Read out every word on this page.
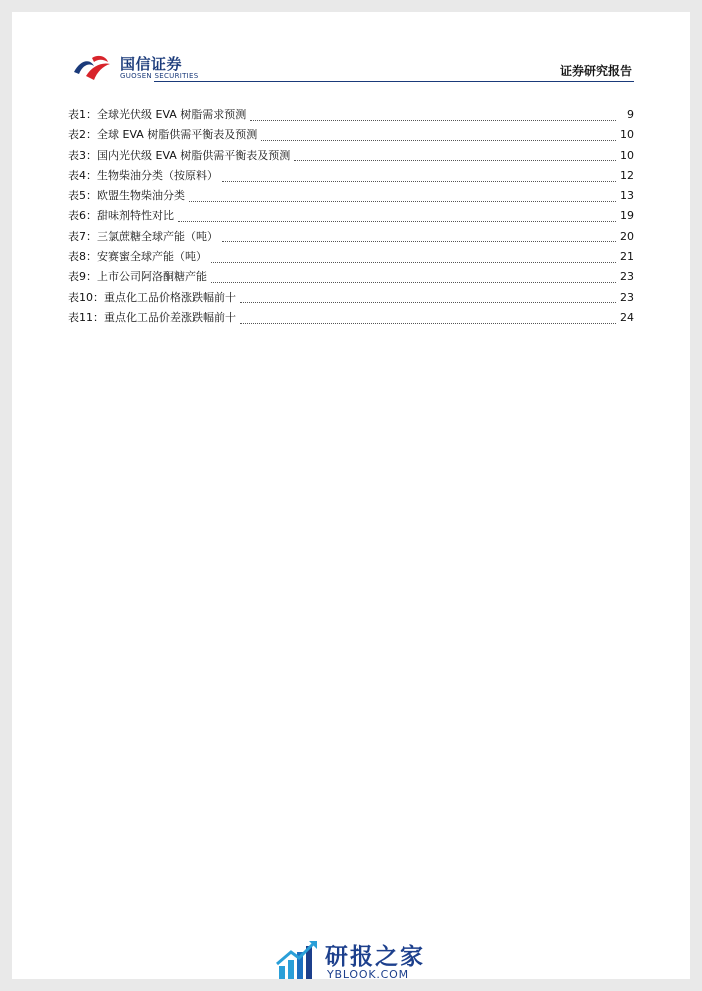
国信证券
GUOSEN SECURITIES	证券研究报告
表1： 全球光伏级 EVA 树脂需求预测	9
表2： 全球 EVA 树脂供需平衡表及预测	10
表3： 国内光伏级 EVA 树脂供需平衡表及预测	10
表4： 生物柴油分类（按原料）	12
表5： 欧盟生物柴油分类	13
表6： 甜味剂特性对比	19
表7： 三氯蔗糖全球产能（吨）	20
表8： 安赛蜜全球产能（吨）	21
表9： 上市公司阿洛酮糖产能	23
表10： 重点化工品价格涨跌幅前十	23
表11： 重点化工品价差涨跌幅前十	24
研报之家
YBLOOK.COM
